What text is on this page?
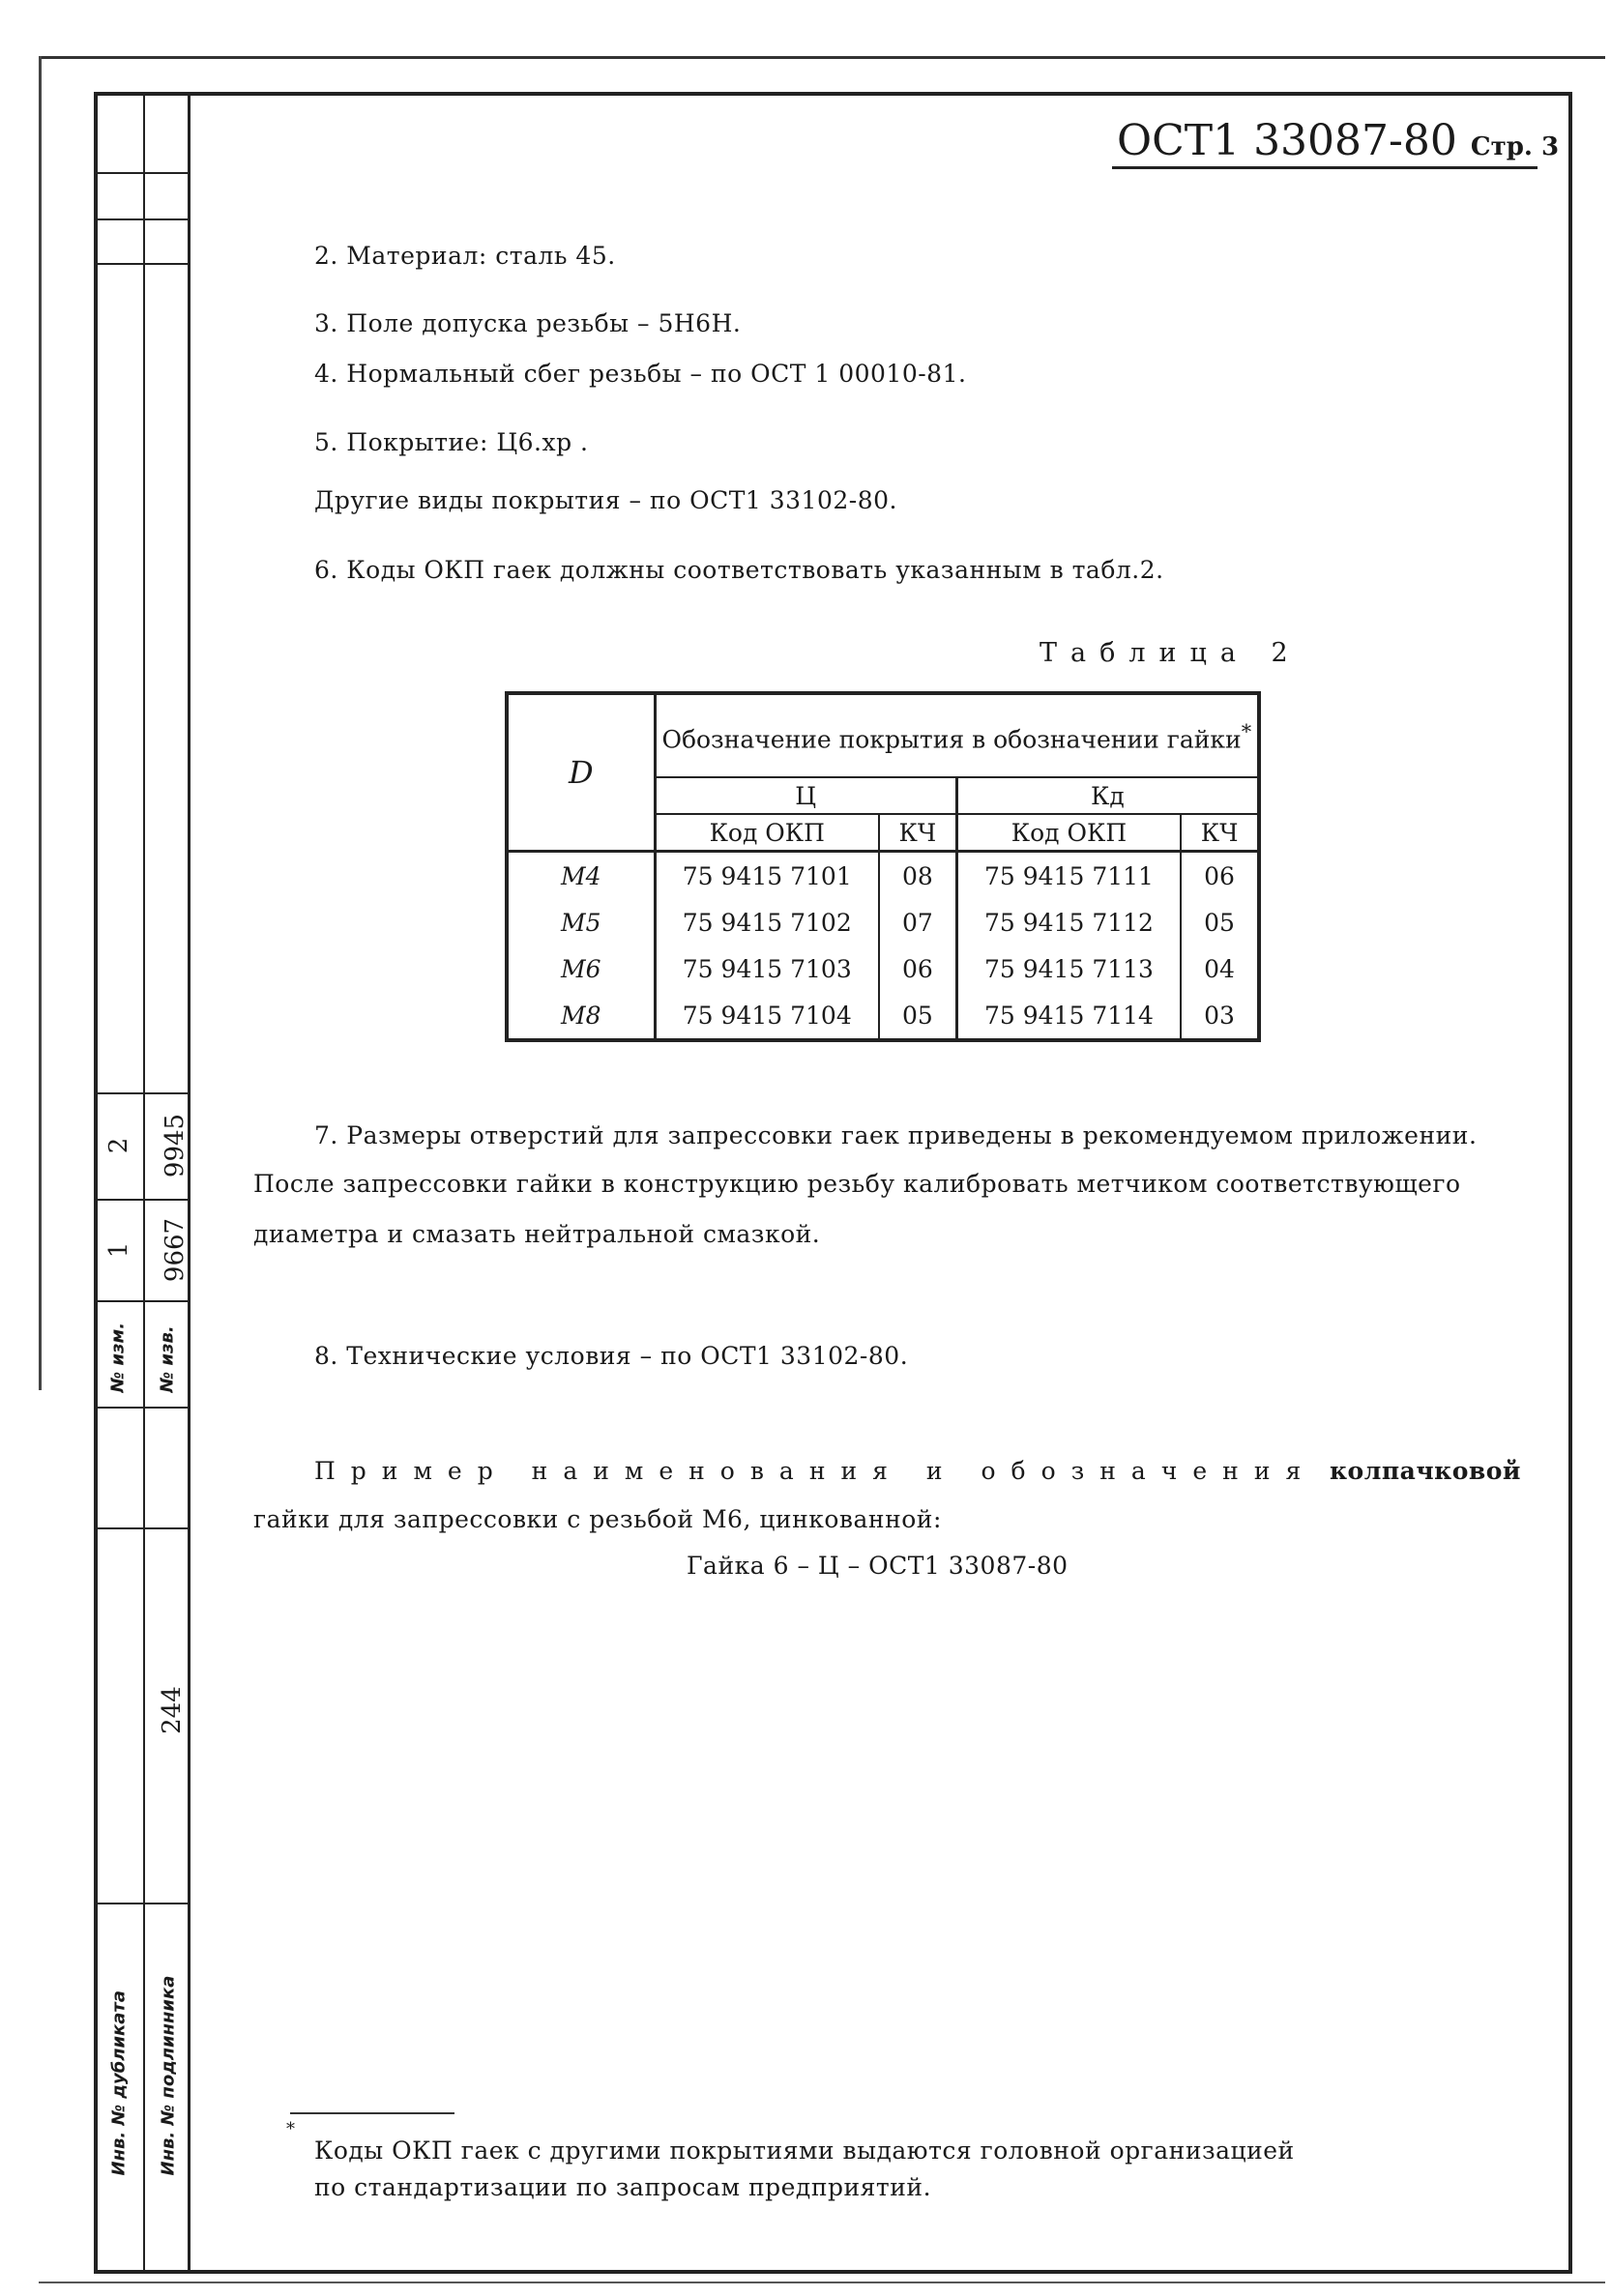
2 9945
1 9667
№ изм. № изв.
244
Инв. № дубликата Инв. № подлинника
ОСТ1 33087-80 Стр. 3
2. Материал: сталь 45.
3. Поле допуска резьбы – 5Н6Н.
4. Нормальный сбег резьбы – по ОСТ 1 00010-81.
5. Покрытие: Ц6.хр .
Другие виды покрытия – по ОСТ1 33102-80.
6. Коды ОКП гаек должны соответствовать указанным в табл.2.
Таблица 2
D	Обозначение покрытия в обозначении гайки*
	Ц		Кд	
	Код ОКП	КЧ	Код ОКП	КЧ
M4	75 9415 7101	08	75 9415 7111	06
M5	75 9415 7102	07	75 9415 7112	05
M6	75 9415 7103	06	75 9415 7113	04
M8	75 9415 7104	05	75 9415 7114	03
7. Размеры отверстий для запрессовки гаек приведены в рекомендуемом приложении.
После запрессовки гайки в конструкцию резьбу калибровать метчиком соответствующего
диаметра и смазать нейтральной смазкой.
8. Технические условия – по ОСТ1 33102-80.
Пример наименования и обозначения колпачковой
гайки для запрессовки с резьбой М6, цинкованной:
Гайка 6 – Ц – ОСТ1 33087-80
*
Коды ОКП гаек с другими покрытиями выдаются головной организацией
по стандартизации по запросам предприятий.
